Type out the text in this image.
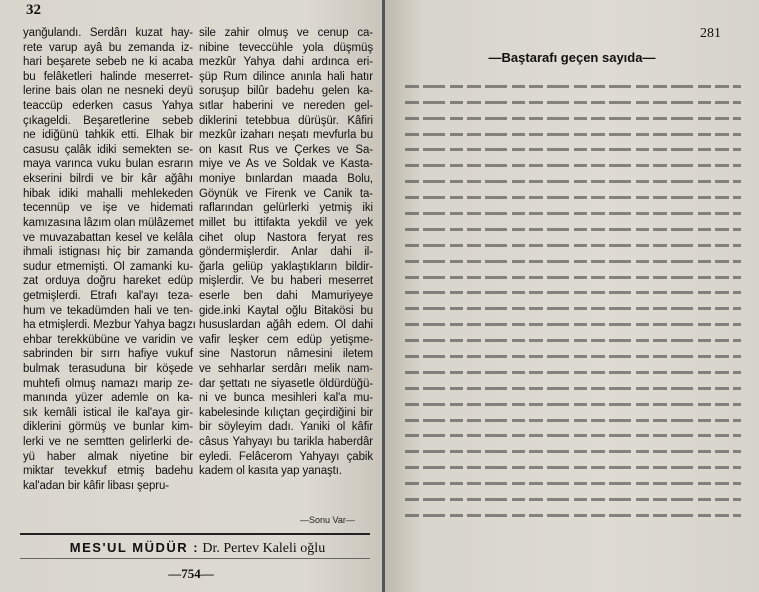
32
yanğulandı. Serdârı kuzat hay-
rete varup ayâ bu zemanda iz-
hari beşarete sebeb ne ki acaba
bu felâketleri halinde meserret-
lerine bais olan ne nesneki deyü
teaccüp ederken casus Yahya
çıkageldi. Beşaretlerine sebeb
ne idiğünü tahkik etti. Elhak bir
casusu çalâk idiki semekten se-
maya varınca vuku bulan esrarın
ekserini bilrdi ve bir kâr ağâhı
hibak idiki mahalli mehlekeden
tecennüp ve işe ve hidemati
kamızasına lâzım olan mülâzemet
ve muvazabattan kesel ve kelâla
ihmali istignası hiç bir zamanda
sudur etmemişti. Ol zamanki ku-
zat orduya doğru hareket edüp
getmişlerdi. Etrafı kal'ayı teza-
hum ve tekadümden hali ve ten-
ha etmişlerdi. Mezbur Yahya bagzı
ehbar terekkübüne ve varidin ve
sabrinden bir sırrı hafiye vukuf
bulmak terasuduna bir köşede
muhtefi olmuş namazı marip ze-
manında yüzer ademle on ka-
sık kemâli istical ile kal'aya gir-
diklerini görmüş ve bunlar kim-
lerki ve ne semtten gelirlerki de-
yü haber almak niyetine bir
miktar tevekkuf etmiş badehu
kal'adan bir kâfir libası şepru-
sile zahir olmuş ve cenup ca-
nibine teveccühle yola düşmüş
mezkûr Yahya dahi ardınca eri-
şüp Rum dilince anınla hali hatır
soruşup bilûr badehu gelen ka-
sıtlar haberini ve nereden gel-
diklerini tetebbua dürüşür. Kâfiri
mezkûr izaharı neşatı mevfurla bu
on kasıt Rus ve Çerkes ve Sa-
miye ve As ve Soldak ve Kasta-
moniye bınlardan maada Bolu,
Göynük ve Firenk ve Canik ta-
raflarından gelürlerki yetmiş iki
millet bu ittifakta yekdil ve yek
cihet olup Nastora feryat res
göndermişlerdir. Anlar dahi il-
ğarla geliüp yaklaştıkların bildir-
mişlerdir. Ve bu haberi meserret
eserle ben dahi Mamuriyeye
gide.inki Kaytal oğlu Bitakösi bu
hususlardan ağâh edem. Ol dahi
vafir leşker cem edüp yetişme-
sine Nastorun nâmesini iletem
ve sehharlar serdârı melik nam-
dar şettatı ne siyasetle öldürdüğü-
ni ve bunca mesihleri kal'a mu-
kabelesinde kılıçtan geçirdiğini bir
bir söyleyim dadı. Yaniki ol kâfir
câsus Yahyayı bu tarikla haberdâr
eyledi. Felâcerom Yahyayı çabik
kadem ol kasıta yap yanaştı.
—Sonu Var—
MES'UL MÜDÜR : Dr. Pertev Kaleli oğlu
—754—
281
—Baştarafı geçen sayıda—
